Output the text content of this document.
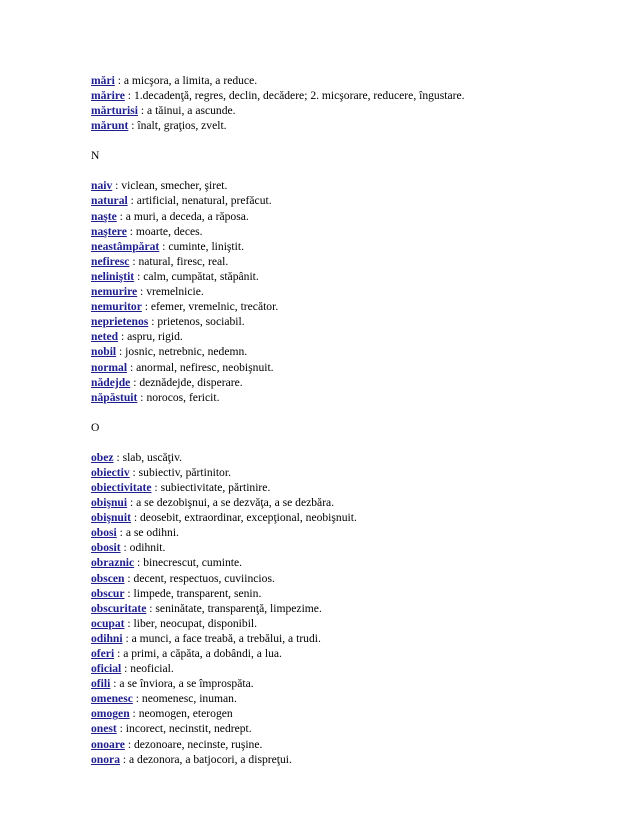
mări : a micşora, a limita, a reduce.
mărire : 1.decadenţă, regres, declin, decădere; 2. micşorare, reducere, îngustare.
mărturisi : a tăinui, a ascunde.
mărunt : înalt, graţios, zvelt.
N
naiv : viclean, smecher, şiret.
natural : artificial, nenatural, prefăcut.
naşte : a muri, a deceda, a răposa.
naştere : moarte, deces.
neastâmpărat : cuminte, liniştit.
nefiresc : natural, firesc, real.
neliniştit : calm, cumpătat, stăpânit.
nemurire : vremelnicie.
nemuritor : efemer, vremelnic, trecător.
neprietenos : prietenos, sociabil.
neted : aspru, rigid.
nobil : josnic, netrebnic, nedemn.
normal : anormal, nefiresc, neobişnuit.
nădejde : deznădejde, disperare.
năpăstuit : norocos, fericit.
O
obez : slab, uscăţiv.
obiectiv : subiectiv, părtinitor.
obiectivitate : subiectivitate, părtinire.
obişnui : a se dezobişnui, a se dezvăţa, a se dezbăra.
obişnuit : deosebit, extraordinar, excepţional, neobişnuit.
obosi : a se odihni.
obosit : odihnit.
obraznic : binecrescut, cuminte.
obscen : decent, respectuos, cuviincios.
obscur : limpede, transparent, senin.
obscuritate : seninătate, transparenţă, limpezime.
ocupat : liber, neocupat, disponibil.
odihni : a munci, a face treabă, a trebălui, a trudi.
oferi : a primi, a căpăta, a dobândi, a lua.
oficial : neoficial.
ofili : a se înviora, a se împrospăta.
omenesc : neomenesc, inuman.
omogen : neomogen, eterogen
onest : incorect, necinstit, nedrept.
onoare : dezonoare, necinste, ruşine.
onora : a dezonora, a batjocori, a dispreţui.
